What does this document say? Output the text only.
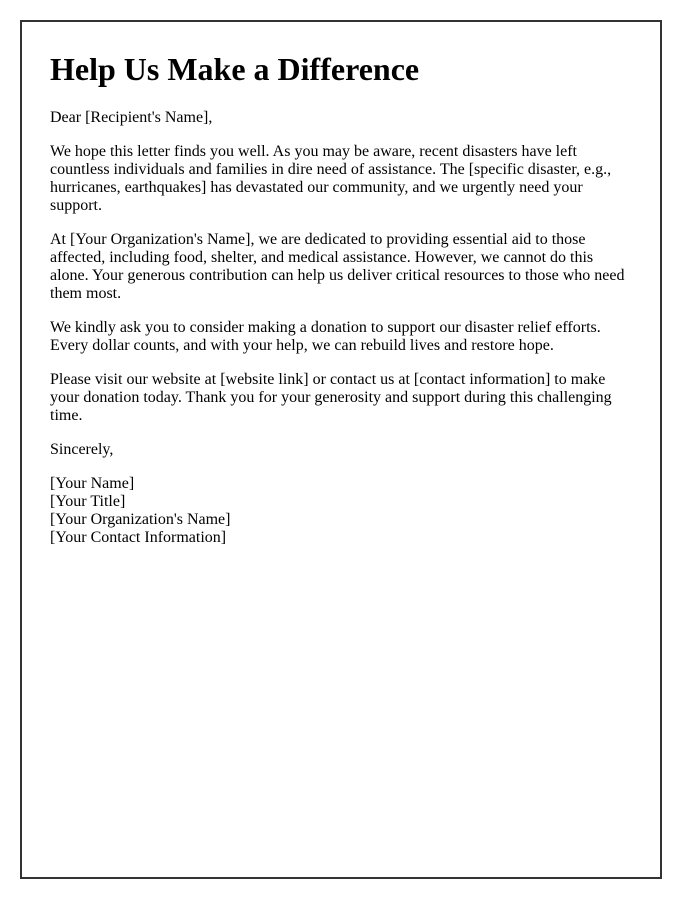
Help Us Make a Difference

Dear [Recipient's Name],

We hope this letter finds you well. As you may be aware, recent disasters have left countless individuals and families in dire need of assistance. The [specific disaster, e.g., hurricanes, earthquakes] has devastated our community, and we urgently need your support.

At [Your Organization's Name], we are dedicated to providing essential aid to those affected, including food, shelter, and medical assistance. However, we cannot do this alone. Your generous contribution can help us deliver critical resources to those who need them most.

We kindly ask you to consider making a donation to support our disaster relief efforts. Every dollar counts, and with your help, we can rebuild lives and restore hope.

Please visit our website at [website link] or contact us at [contact information] to make your donation today. Thank you for your generosity and support during this challenging time.

Sincerely,

[Your Name]
[Your Title]
[Your Organization's Name]
[Your Contact Information]
